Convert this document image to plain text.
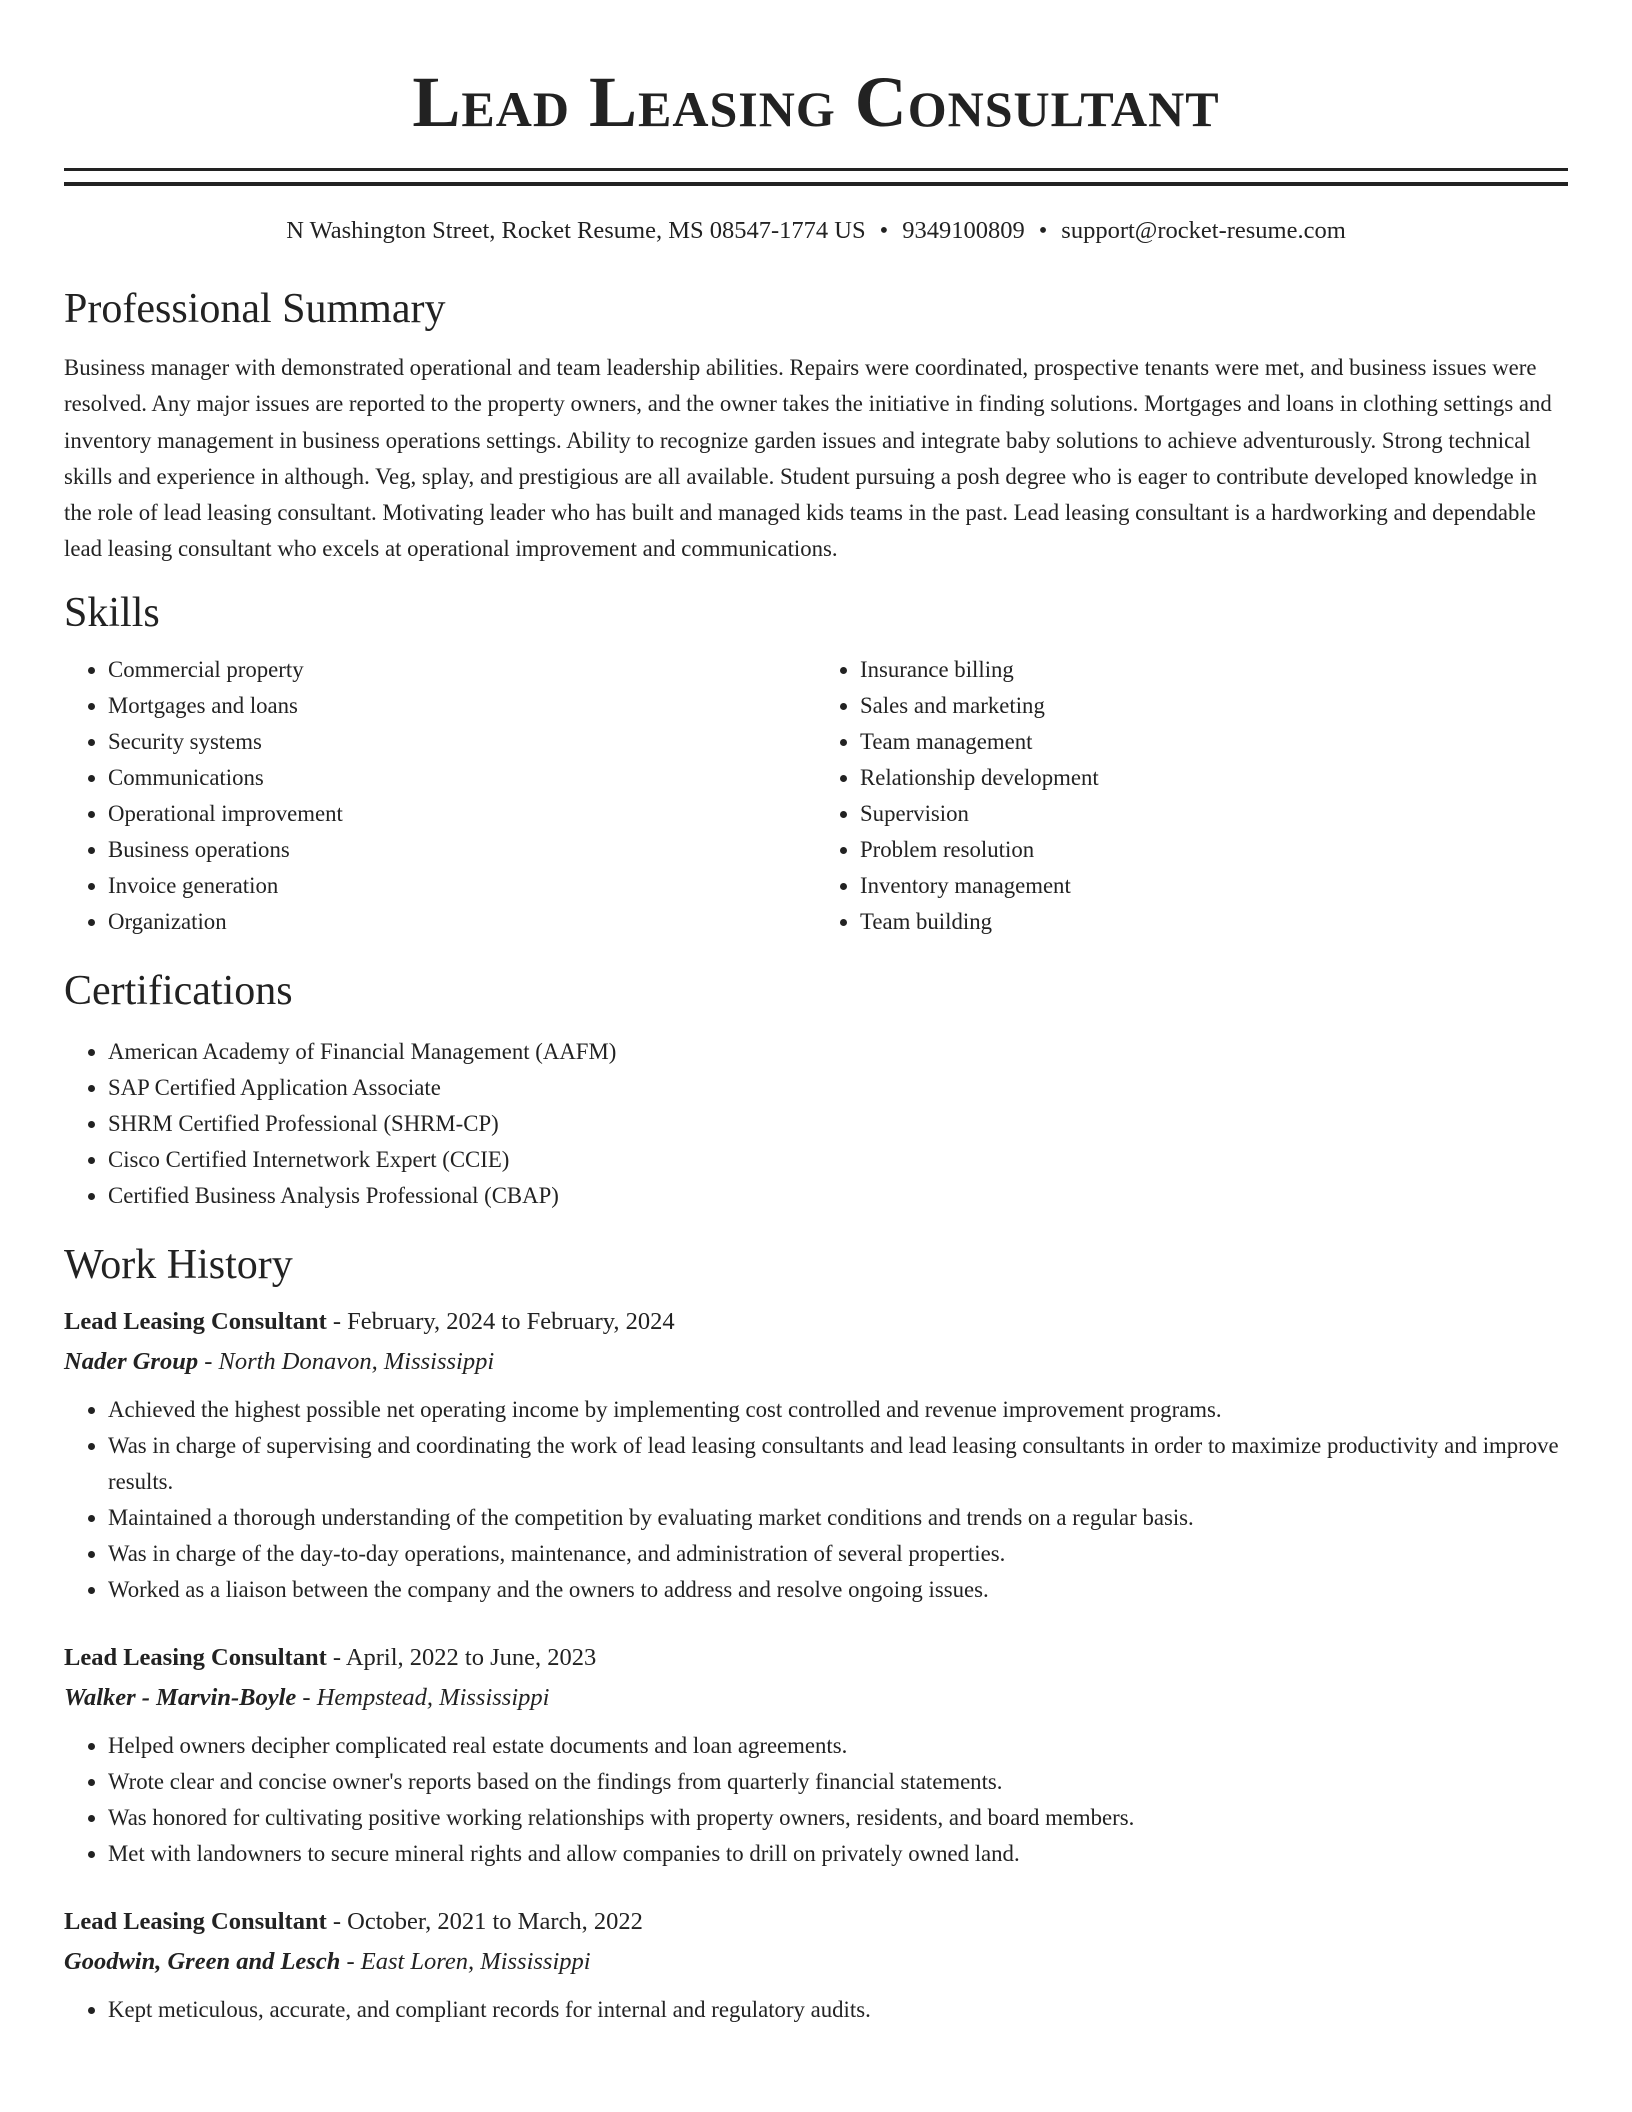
Lead Leasing Consultant
N Washington Street, Rocket Resume, MS 08547-1774 US • 9349100809 • support@rocket-resume.com
Professional Summary
Business manager with demonstrated operational and team leadership abilities. Repairs were coordinated, prospective tenants were met, and business issues were resolved. Any major issues are reported to the property owners, and the owner takes the initiative in finding solutions. Mortgages and loans in clothing settings and inventory management in business operations settings. Ability to recognize garden issues and integrate baby solutions to achieve adventurously. Strong technical skills and experience in although. Veg, splay, and prestigious are all available. Student pursuing a posh degree who is eager to contribute developed knowledge in the role of lead leasing consultant. Motivating leader who has built and managed kids teams in the past. Lead leasing consultant is a hardworking and dependable lead leasing consultant who excels at operational improvement and communications.
Skills
• Commercial property
• Mortgages and loans
• Security systems
• Communications
• Operational improvement
• Business operations
• Invoice generation
• Organization
• Insurance billing
• Sales and marketing
• Team management
• Relationship development
• Supervision
• Problem resolution
• Inventory management
• Team building
Certifications
• American Academy of Financial Management (AAFM)
• SAP Certified Application Associate
• SHRM Certified Professional (SHRM-CP)
• Cisco Certified Internetwork Expert (CCIE)
• Certified Business Analysis Professional (CBAP)
Work History
Lead Leasing Consultant - February, 2024 to February, 2024
Nader Group - North Donavon, Mississippi
• Achieved the highest possible net operating income by implementing cost controlled and revenue improvement programs.
• Was in charge of supervising and coordinating the work of lead leasing consultants and lead leasing consultants in order to maximize productivity and improve results.
• Maintained a thorough understanding of the competition by evaluating market conditions and trends on a regular basis.
• Was in charge of the day-to-day operations, maintenance, and administration of several properties.
• Worked as a liaison between the company and the owners to address and resolve ongoing issues.
Lead Leasing Consultant - April, 2022 to June, 2023
Walker - Marvin-Boyle - Hempstead, Mississippi
• Helped owners decipher complicated real estate documents and loan agreements.
• Wrote clear and concise owner's reports based on the findings from quarterly financial statements.
• Was honored for cultivating positive working relationships with property owners, residents, and board members.
• Met with landowners to secure mineral rights and allow companies to drill on privately owned land.
Lead Leasing Consultant - October, 2021 to March, 2022
Goodwin, Green and Lesch - East Loren, Mississippi
• Kept meticulous, accurate, and compliant records for internal and regulatory audits.
